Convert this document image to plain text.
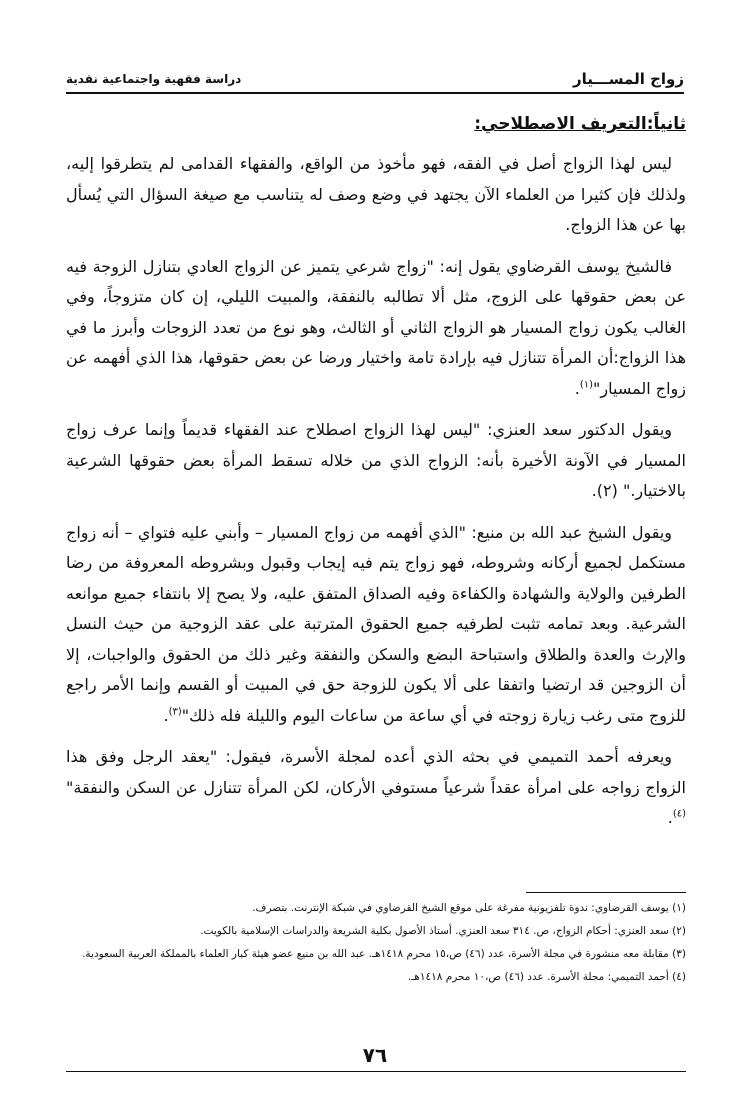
زواج المســـيار
دراسة فقهية واجتماعية نقدية
ثانياً:التعريف الاصطلاحي:

ليس لهذا الزواج أصل في الفقه، فهو مأخوذ من الواقع، والفقهاء القدامى لم يتطرقوا إليه، ولذلك فإن كثيرا من العلماء الآن يجتهد في وضع وصف له يتناسب مع صيغة السؤال التي يُسأل بها عن هذا الزواج.

فالشيخ يوسف القرضاوي يقول إنه: "زواج شرعي يتميز عن الزواج العادي بتنازل الزوجة فيه عن بعض حقوقها على الزوج، مثل ألا تطالبه بالنفقة، والمبيت الليلي، إن كان متزوجاً، وفي الغالب يكون زواج المسيار هو الزواج الثاني أو الثالث، وهو نوع من تعدد الزوجات وأبرز ما في هذا الزواج:أن المرأة تتنازل فيه بإرادة تامة واختيار ورضا عن بعض حقوقها، هذا الذي أفهمه عن زواج المسيار"$^{(١)}$.

ويقول الدكتور سعد العنزي: "ليس لهذا الزواج اصطلاح عند الفقهاء قديماً وإنما عرف زواج المسيار في الآونة الأخيرة بأنه: الزواج الذي من خلاله تسقط المرأة بعض حقوقها الشرعية بالاختيار." (٢).

ويقول الشيخ عبد الله بن منيع: "الذي أفهمه من زواج المسيار – وأبني عليه فتواي – أنه زواج مستكمل لجميع أركانه وشروطه، فهو زواج يتم فيه إيجاب وقبول وبشروطه المعروفة من رضا الطرفين والولاية والشهادة والكفاءة وفيه الصداق المتفق عليه، ولا يصح إلا بانتفاء جميع موانعه الشرعية. وبعد تمامه تثبت لطرفيه جميع الحقوق المترتبة على عقد الزوجية من حيث النسل والإرث والعدة والطلاق واستباحة البضع والسكن والنفقة وغير ذلك من الحقوق والواجبات، إلا أن الزوجين قد ارتضيا واتفقا على ألا يكون للزوجة حق في المبيت أو القسم وإنما الأمر راجع للزوج متى رغب زيارة زوجته في أي ساعة من ساعات اليوم والليلة فله ذلك"$^{(٣)}$.

ويعرفه أحمد التميمي في بحثه الذي أعده لمجلة الأسرة، فيقول: "يعقد الرجل وفق هذا الزواج زواجه على امرأة عقداً شرعياً مستوفي الأركان، لكن المرأة تتنازل عن السكن والنفقة"$^{(٤)}$.

(١) يوسف القرضاوي: ندوة تلفزيونية مفرغة على موقع الشيخ القرضاوي في شبكة الإنترنت. بتصرف.

(٢) سعد العنزي: أحكام الزواج، ص. ٣١٤ سعد العنزي. أستاذ الأصول بكلية الشريعة والدراسات الإسلامية بالكويت.

(٣) مقابلة معه منشورة في مجلة الأسرة، عدد (٤٦) ص،١٥ محرم ١٤١٨هـ. عبد الله بن منيع عضو هيئة كبار العلماء بالمملكة العربية السعودية.

(٤) أحمد التميمي: مجلة الأسرة. عدد (٤٦) ص،١٠ محرم ١٤١٨هـ.

٧٦
